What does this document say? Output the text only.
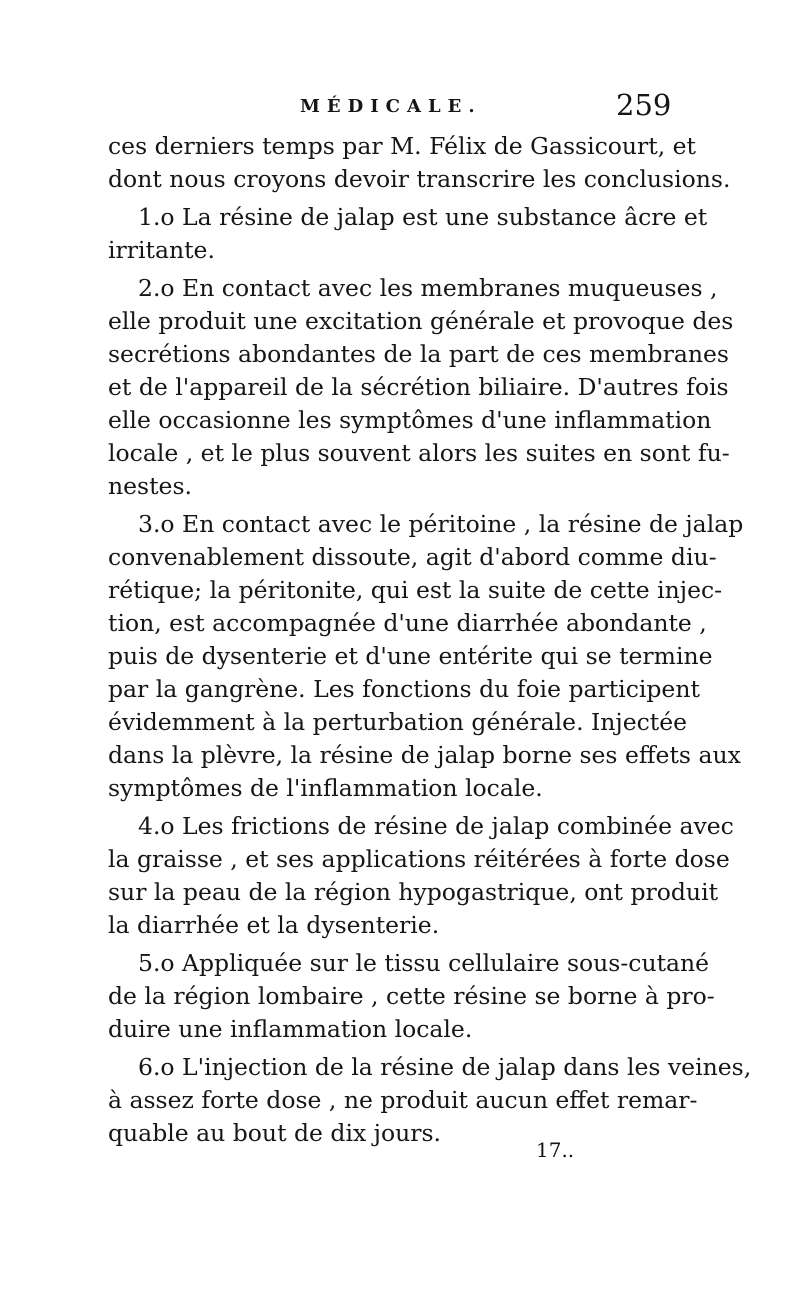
MÉDICALE.	259
ces derniers temps par M. Félix de Gassicourt, et
dont nous croyons devoir transcrire les conclusions.
1.o La résine de jalap est une substance âcre et
irritante.
2.o En contact avec les membranes muqueuses ,
elle produit une excitation générale et provoque des
secrétions abondantes de la part de ces membranes
et de l'appareil de la sécrétion biliaire. D'autres fois
elle occasionne les symptômes d'une inflammation
locale , et le plus souvent alors les suites en sont fu-
nestes.
3.o En contact avec le péritoine , la résine de jalap
convenablement dissoute, agit d'abord comme diu-
rétique; la péritonite, qui est la suite de cette injec-
tion, est accompagnée d'une diarrhée abondante ,
puis de dysenterie et d'une entérite qui se termine
par la gangrène. Les fonctions du foie participent
évidemment à la perturbation générale. Injectée
dans la plèvre, la résine de jalap borne ses effets aux
symptômes de l'inflammation locale.
4.o Les frictions de résine de jalap combinée avec
la graisse , et ses applications réitérées à forte dose
sur la peau de la région hypogastrique, ont produit
la diarrhée et la dysenterie.
5.o Appliquée sur le tissu cellulaire sous-cutané
de la région lombaire , cette résine se borne à pro-
duire une inflammation locale.
6.o L'injection de la résine de jalap dans les veines,
à assez forte dose , ne produit aucun effet remar-
quable au bout de dix jours.
17..
